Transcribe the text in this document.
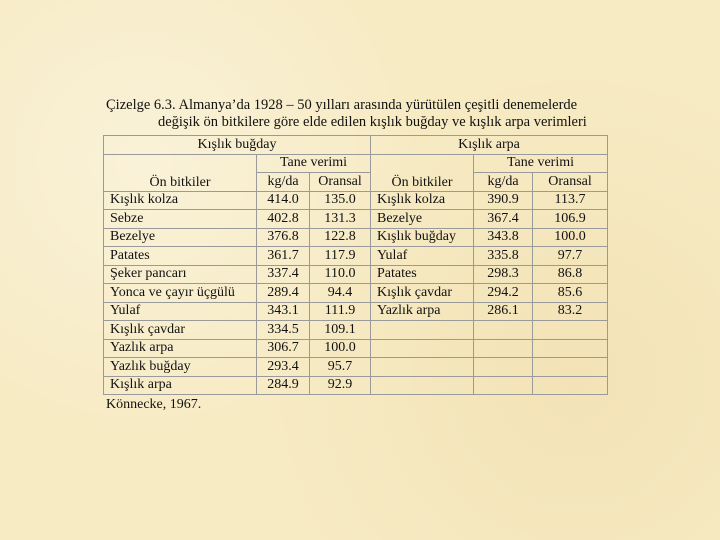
Çizelge 6.3. Almanya’da 1928 – 50 yılları arasında yürütülen çeşitli denemelerde
değişik ön bitkilere göre elde edilen kışlık buğday ve kışlık arpa verimleri
Kışlık buğday			Kışlık arpa		
Ön bitkiler	Tane verimi		Ön bitkiler	Tane verimi	
	kg/da	Oransal		kg/da	Oransal
Kışlık kolza	414.0	135.0	Kışlık kolza	390.9	113.7
Sebze	402.8	131.3	Bezelye	367.4	106.9
Bezelye	376.8	122.8	Kışlık buğday	343.8	100.0
Patates	361.7	117.9	Yulaf	335.8	97.7
Şeker pancarı	337.4	110.0	Patates	298.3	86.8
Yonca ve çayır üçgülü	289.4	94.4	Kışlık çavdar	294.2	85.6
Yulaf	343.1	111.9	Yazlık arpa	286.1	83.2
Kışlık çavdar	334.5	109.1			
Yazlık arpa	306.7	100.0			
Yazlık buğday	293.4	95.7			
Kışlık arpa	284.9	92.9			
Könnecke, 1967.
